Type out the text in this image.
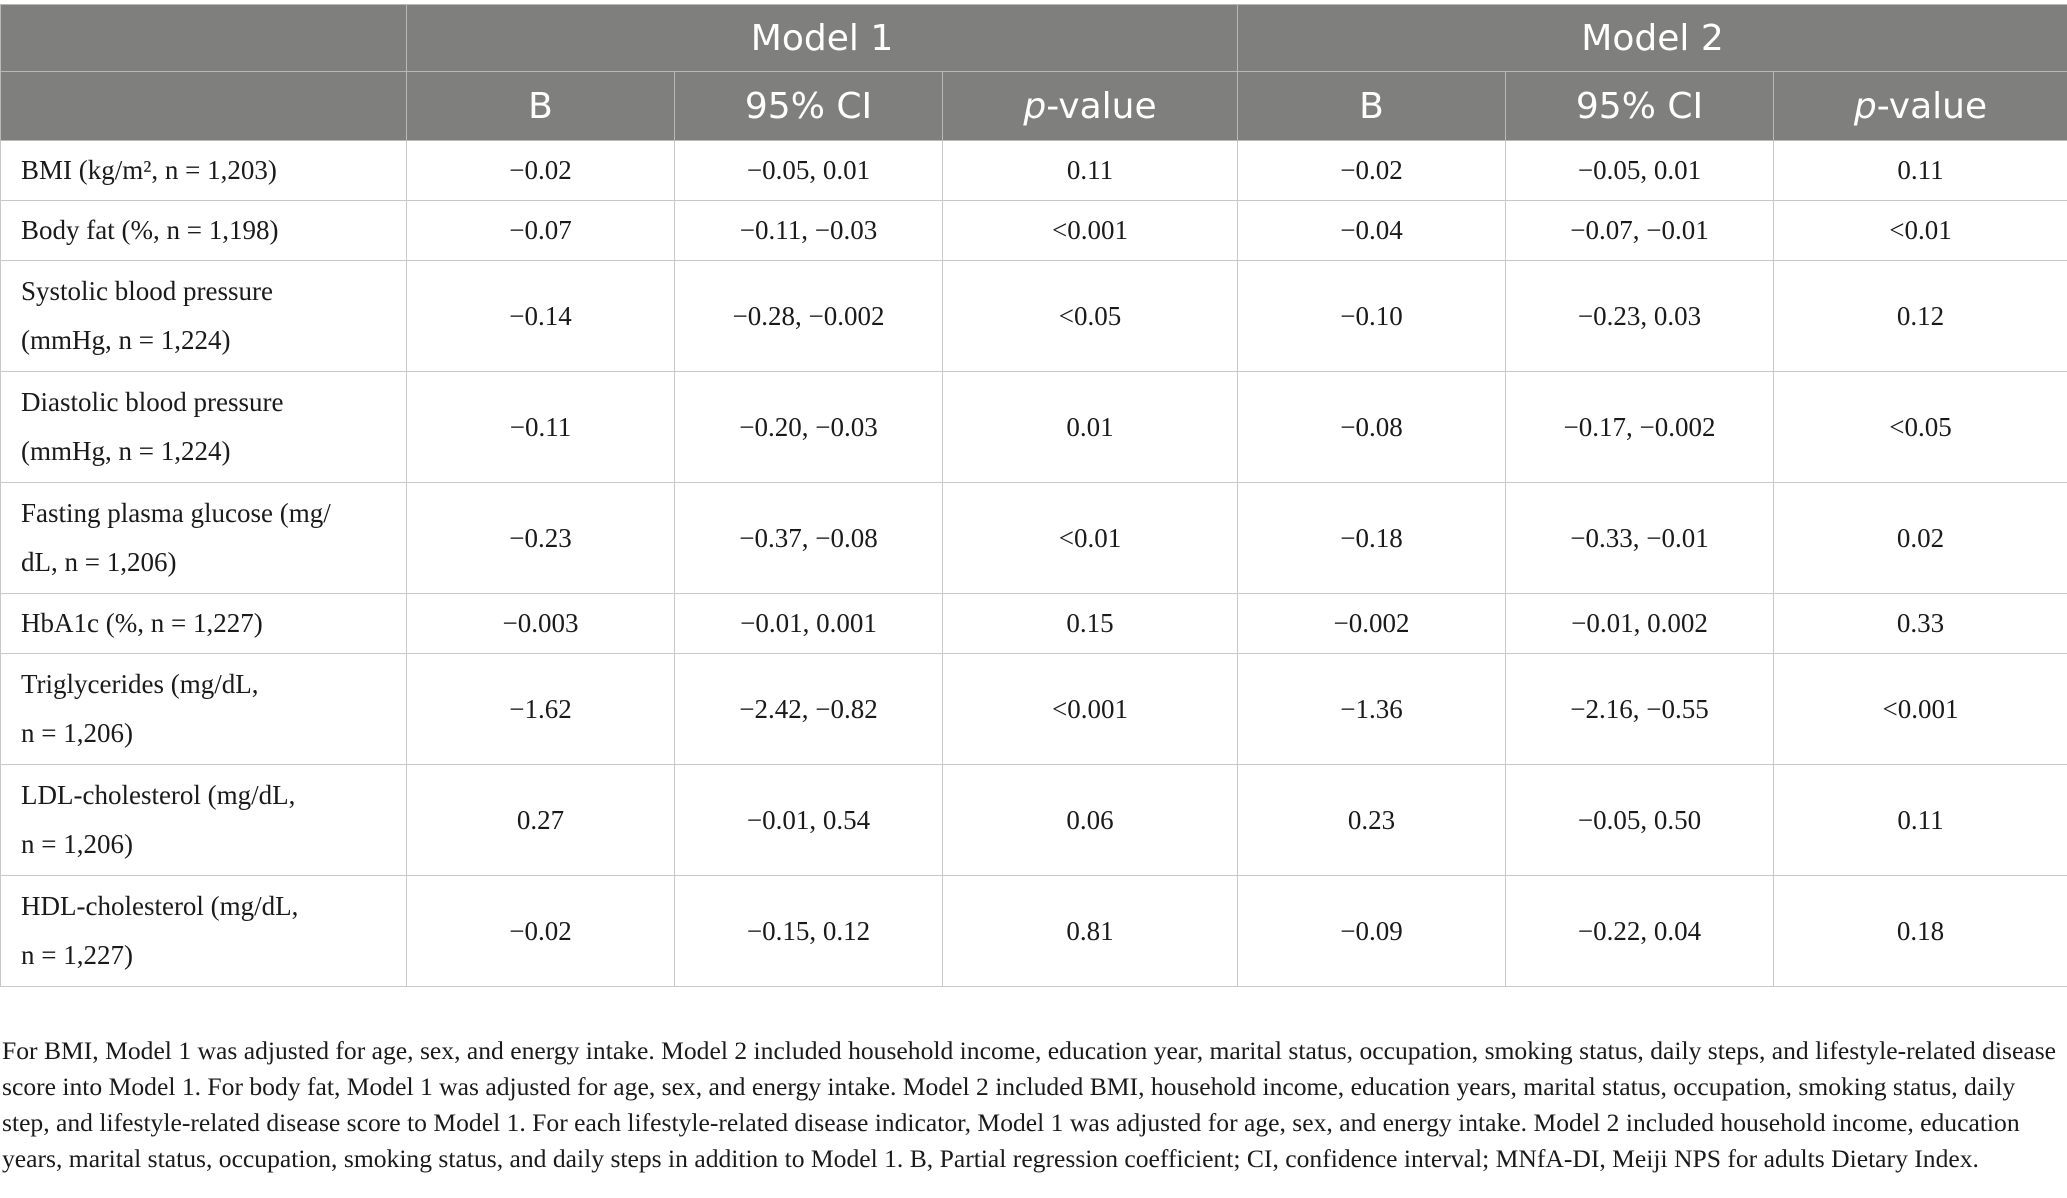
	Model 1			Model 2		
	B	95% CI	p-value	B	95% CI	p-value
BMI (kg/m², n = 1,203)	−0.02	−0.05, 0.01	0.11	−0.02	−0.05, 0.01	0.11
Body fat (%, n = 1,198)	−0.07	−0.11, −0.03	<0.001	−0.04	−0.07, −0.01	<0.01
Systolic blood pressure
(mmHg, n = 1,224)	−0.14	−0.28, −0.002	<0.05	−0.10	−0.23, 0.03	0.12
Diastolic blood pressure
(mmHg, n = 1,224)	−0.11	−0.20, −0.03	0.01	−0.08	−0.17, −0.002	<0.05
Fasting plasma glucose (mg/
dL, n = 1,206)	−0.23	−0.37, −0.08	<0.01	−0.18	−0.33, −0.01	0.02
HbA1c (%, n = 1,227)	−0.003	−0.01, 0.001	0.15	−0.002	−0.01, 0.002	0.33
Triglycerides (mg/dL,
n = 1,206)	−1.62	−2.42, −0.82	<0.001	−1.36	−2.16, −0.55	<0.001
LDL-cholesterol (mg/dL,
n = 1,206)	0.27	−0.01, 0.54	0.06	0.23	−0.05, 0.50	0.11
HDL-cholesterol (mg/dL,
n = 1,227)	−0.02	−0.15, 0.12	0.81	−0.09	−0.22, 0.04	0.18

For BMI, Model 1 was adjusted for age, sex, and energy intake. Model 2 included household income, education year, marital status, occupation, smoking status, daily steps, and lifestyle-related disease score into Model 1. For body fat, Model 1 was adjusted for age, sex, and energy intake. Model 2 included BMI, household income, education years, marital status, occupation, smoking status, daily step, and lifestyle-related disease score to Model 1. For each lifestyle-related disease indicator, Model 1 was adjusted for age, sex, and energy intake. Model 2 included household income, education years, marital status, occupation, smoking status, and daily steps in addition to Model 1. B, Partial regression coefficient; CI, confidence interval; MNfA-DI, Meiji NPS for adults Dietary Index.
